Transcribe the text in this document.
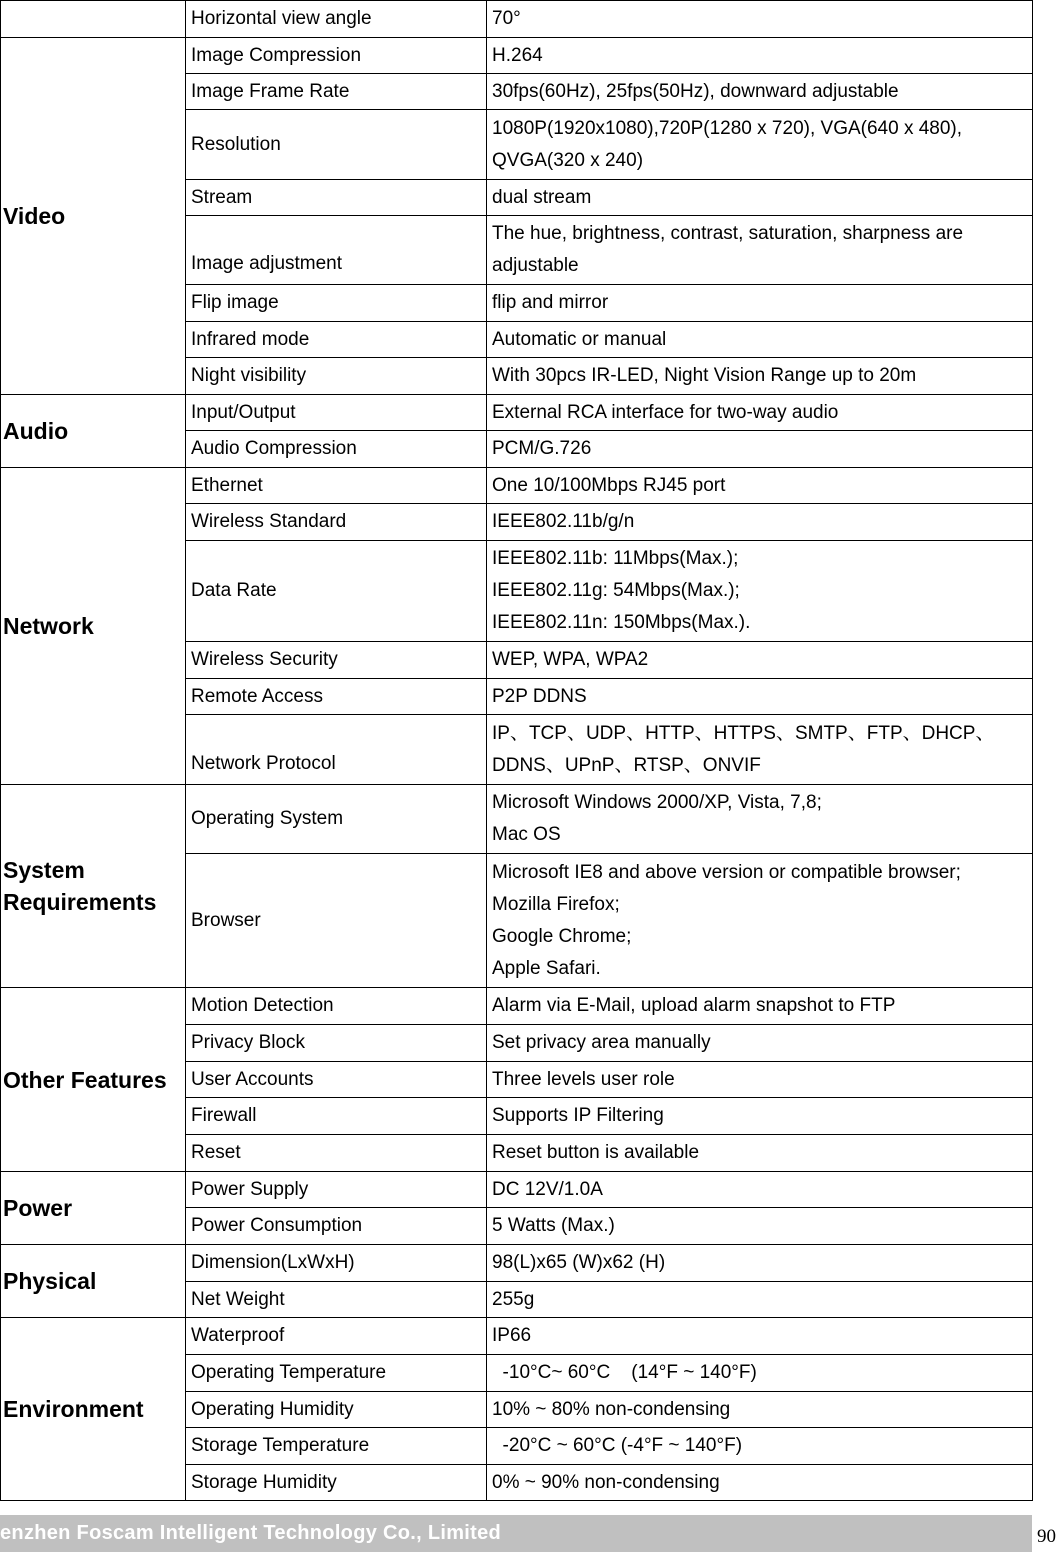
	Horizontal view angle	70°
Video	Image Compression	H.264
	Image Frame Rate	30fps(60Hz), 25fps(50Hz), downward adjustable
	Resolution	1080P(1920x1080),720P(1280 x 720), VGA(640 x 480),
QVGA(320 x 240)

	Stream	dual stream
	Image adjustment	The hue, brightness, contrast, saturation, sharpness are
adjustable

	Flip image	flip and mirror
	Infrared mode	Automatic or manual
	Night visibility	With 30pcs IR-LED, Night Vision Range up to 20m
Audio	Input/Output	External RCA interface for two-way audio
	Audio Compression	PCM/G.726
Network	Ethernet	One 10/100Mbps RJ45 port
	Wireless Standard	IEEE802.11b/g/n
	Data Rate	IEEE802.11b: 11Mbps(Max.);
IEEE802.11g: 54Mbps(Max.);
IEEE802.11n: 150Mbps(Max.).

	Wireless Security	WEP, WPA, WPA2
	Remote Access	P2P DDNS
	Network Protocol	IP、TCP、UDP、HTTP、HTTPS、SMTP、FTP、DHCP、
DDNS、UPnP、RTSP、ONVIF

System
Requirements	Operating System	Microsoft Windows 2000/XP, Vista, 7,8;
Mac OS

	Browser	Microsoft IE8 and above version or compatible browser;
Mozilla Firefox;
Google Chrome;
Apple Safari.

Other Features	Motion Detection	Alarm via E-Mail, upload alarm snapshot to FTP
	Privacy Block	Set privacy area manually
	User Accounts	Three levels user role
	Firewall	Supports IP Filtering
	Reset	Reset button is available
Power	Power Supply	DC 12V/1.0A
	Power Consumption	5 Watts (Max.)
Physical	Dimension(LxWxH)	98(L)x65 (W)x62 (H)
	Net Weight	255g
Environment	Waterproof	IP66
	Operating Temperature	-10°C~ 60°C    (14°F ~ 140°F)
	Operating Humidity	10% ~ 80% non-condensing
	Storage Temperature	-20°C ~ 60°C (-4°F ~ 140°F)
	Storage Humidity	0% ~ 90% non-condensing
enzhen Foscam Intelligent Technology Co., Limited	90
